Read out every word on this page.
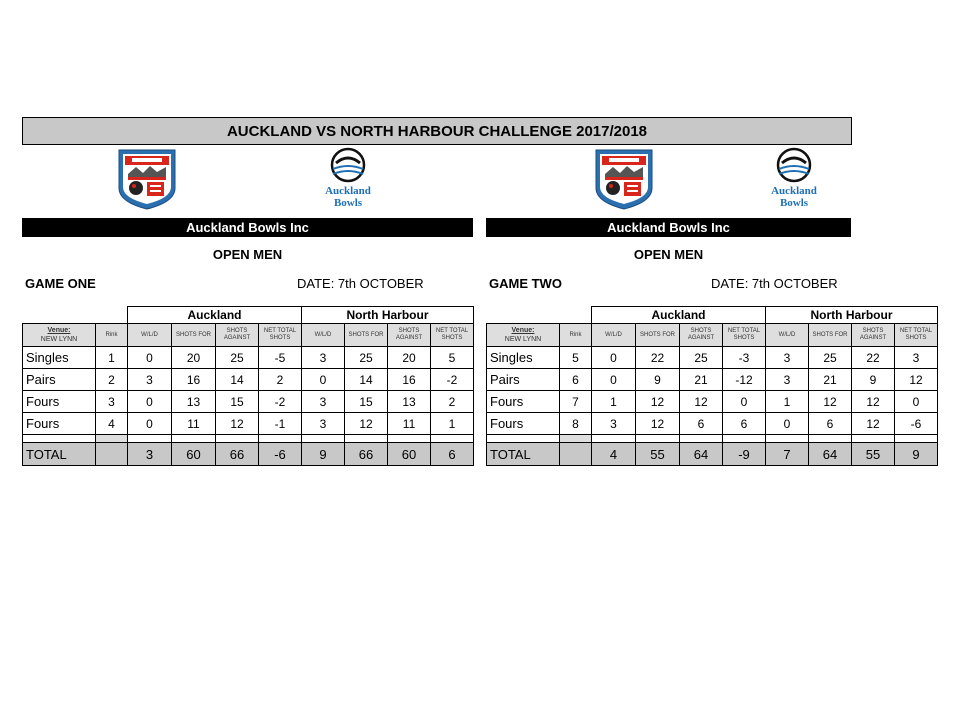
AUCKLAND VS NORTH HARBOUR CHALLENGE 2017/2018
Auckland
Bowls
Auckland
Bowls
Auckland Bowls Inc	Auckland Bowls Inc
OPEN MEN	OPEN MEN
GAME ONE	DATE: 7th OCTOBER	GAME TWO	DATE: 7th OCTOBER
		Auckland				North Harbour			

Venue:
NEW LYNN	Rink	W/L/D	SHOTS FOR	SHOTS AGAINST	NET TOTAL SHOTS	W/L/D	SHOTS FOR	SHOTS AGAINST	NET TOTAL SHOTS
Singles	1	0	20	25	-5	3	25	20	5
Pairs	2	3	16	14	2	0	14	16	-2
Fours	3	0	13	15	-2	3	15	13	2
Fours	4	0	11	12	-1	3	12	11	1

TOTAL		3	60	66	-6	9	66	60	6
		Auckland				North Harbour			

Venue:
NEW LYNN	Rink	W/L/D	SHOTS FOR	SHOTS AGAINST	NET TOTAL SHOTS	W/L/D	SHOTS FOR	SHOTS AGAINST	NET TOTAL SHOTS
Singles	5	0	22	25	-3	3	25	22	3
Pairs	6	0	9	21	-12	3	21	9	12
Fours	7	1	12	12	0	1	12	12	0
Fours	8	3	12	6	6	0	6	12	-6

TOTAL		4	55	64	-9	7	64	55	9
